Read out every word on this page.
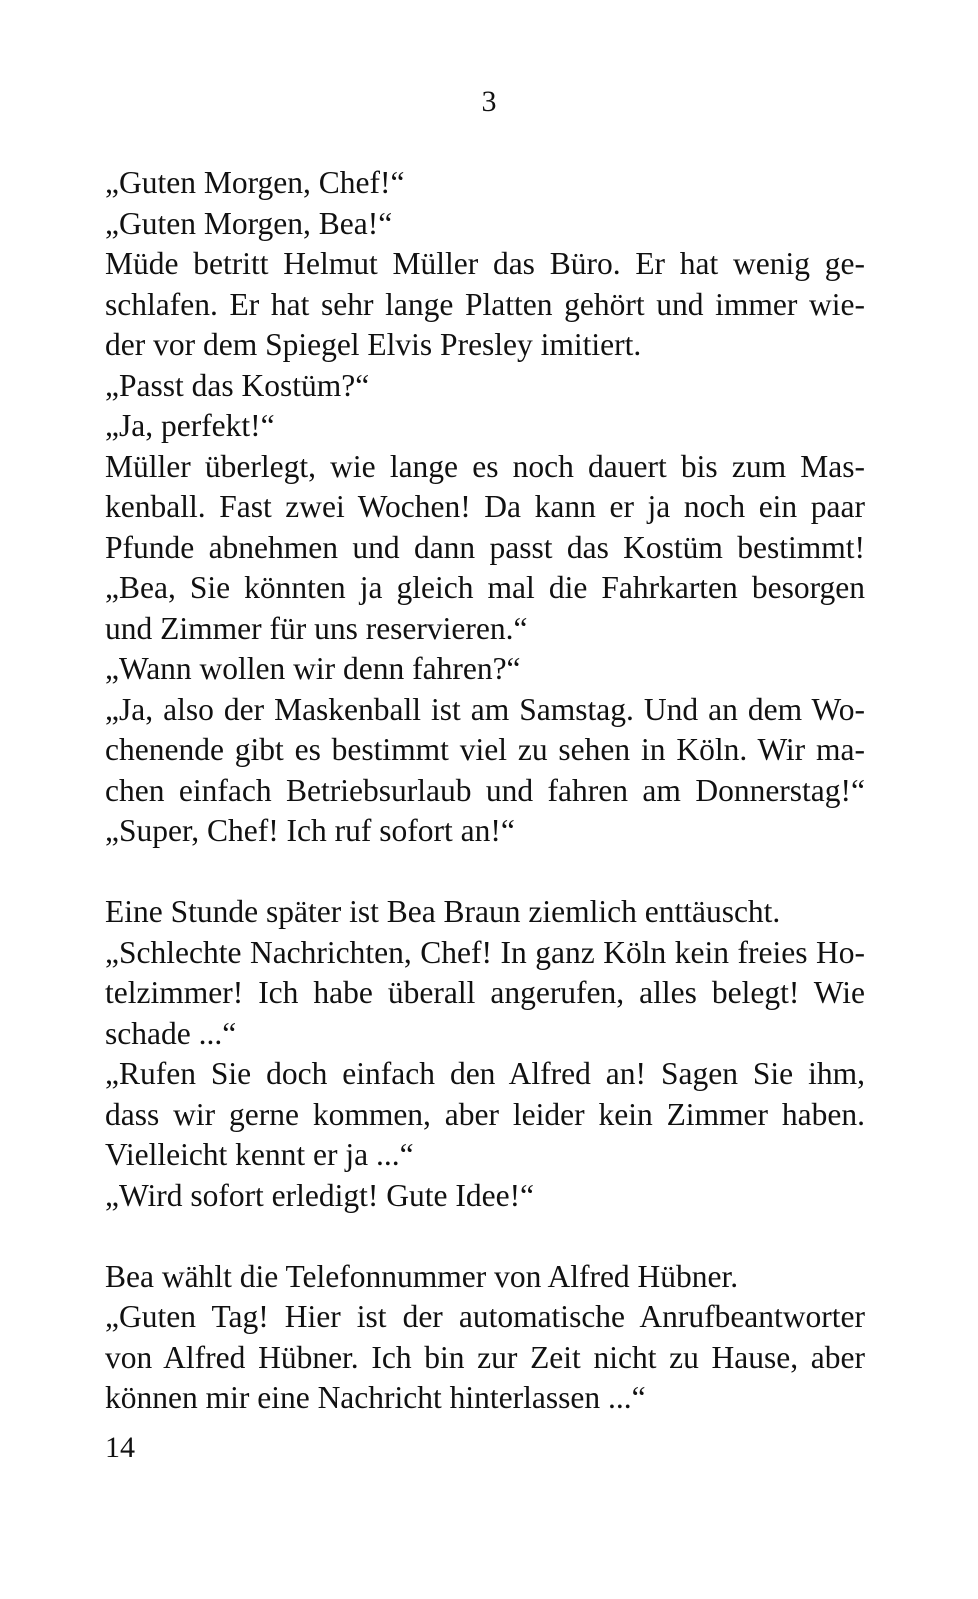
3
„Guten Morgen, Chef!“
„Guten Morgen, Bea!“
Müde betritt Helmut Müller das Büro. Er hat wenig ge-
schlafen. Er hat sehr lange Platten gehört und immer wie-
der vor dem Spiegel Elvis Presley imitiert.
„Passt das Kostüm?“
„Ja, perfekt!“
Müller überlegt, wie lange es noch dauert bis zum Mas-
kenball. Fast zwei Wochen! Da kann er ja noch ein paar
Pfunde abnehmen und dann passt das Kostüm bestimmt!
„Bea, Sie könnten ja gleich mal die Fahrkarten besorgen
und Zimmer für uns reservieren.“
„Wann wollen wir denn fahren?“
„Ja, also der Maskenball ist am Samstag. Und an dem Wo-
chenende gibt es bestimmt viel zu sehen in Köln. Wir ma-
chen einfach Betriebsurlaub und fahren am Donnerstag!“
„Super, Chef! Ich ruf sofort an!“
Eine Stunde später ist Bea Braun ziemlich enttäuscht.
„Schlechte Nachrichten, Chef! In ganz Köln kein freies Ho-
telzimmer! Ich habe überall angerufen, alles belegt! Wie
schade ...“
„Rufen Sie doch einfach den Alfred an! Sagen Sie ihm,
dass wir gerne kommen, aber leider kein Zimmer haben.
Vielleicht kennt er ja ...“
„Wird sofort erledigt! Gute Idee!“
Bea wählt die Telefonnummer von Alfred Hübner.
„Guten Tag! Hier ist der automatische Anrufbeantworter
von Alfred Hübner. Ich bin zur Zeit nicht zu Hause, aber
können mir eine Nachricht hinterlassen ...“
14
